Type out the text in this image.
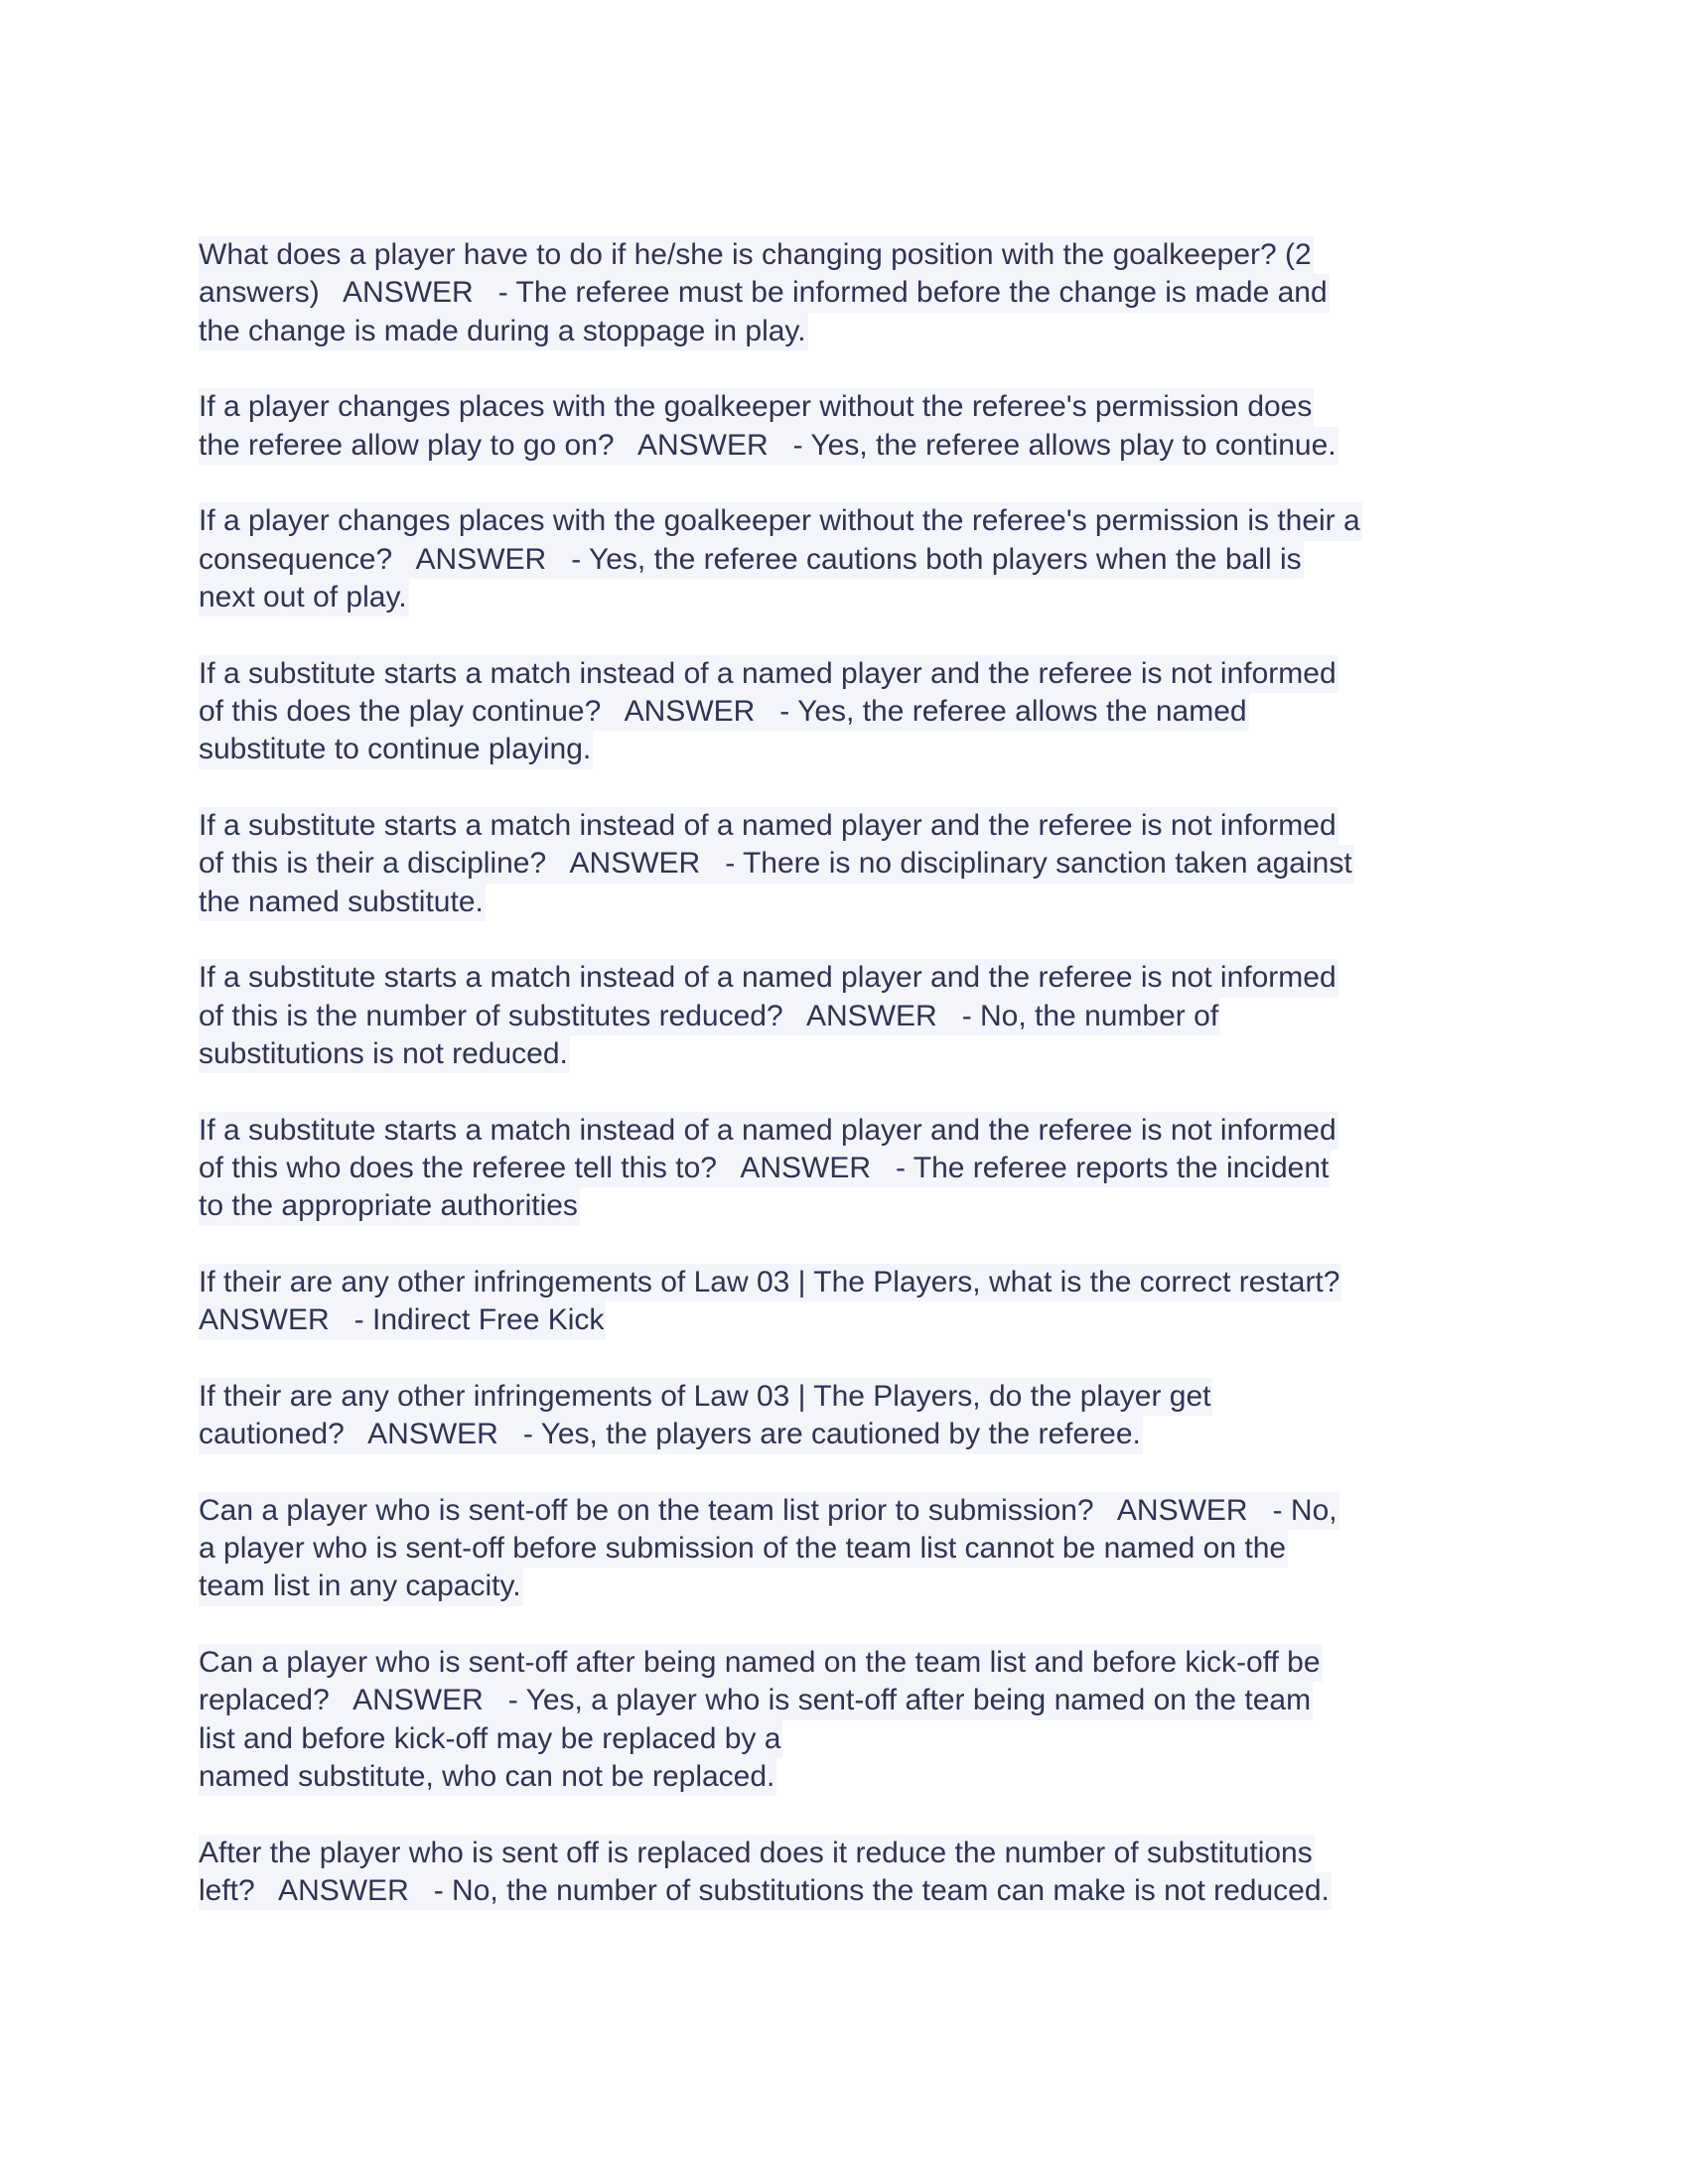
What does a player have to do if he/she is changing position with the goalkeeper? (2
answers)   ANSWER   - The referee must be informed before the change is made and
the change is made during a stoppage in play.
If a player changes places with the goalkeeper without the referee's permission does
the referee allow play to go on?   ANSWER   - Yes, the referee allows play to continue.
If a player changes places with the goalkeeper without the referee's permission is their a
consequence?   ANSWER   - Yes, the referee cautions both players when the ball is
next out of play.
If a substitute starts a match instead of a named player and the referee is not informed
of this does the play continue?   ANSWER   - Yes, the referee allows the named
substitute to continue playing.
If a substitute starts a match instead of a named player and the referee is not informed
of this is their a discipline?   ANSWER   - There is no disciplinary sanction taken against
the named substitute.
If a substitute starts a match instead of a named player and the referee is not informed
of this is the number of substitutes reduced?   ANSWER   - No, the number of
substitutions is not reduced.
If a substitute starts a match instead of a named player and the referee is not informed
of this who does the referee tell this to?   ANSWER   - The referee reports the incident
to the appropriate authorities
If their are any other infringements of Law 03 | The Players, what is the correct restart?
ANSWER   - Indirect Free Kick
If their are any other infringements of Law 03 | The Players, do the player get
cautioned?   ANSWER   - Yes, the players are cautioned by the referee.
Can a player who is sent-off be on the team list prior to submission?   ANSWER   - No,
a player who is sent-off before submission of the team list cannot be named on the
team list in any capacity.
Can a player who is sent-off after being named on the team list and before kick-off be
replaced?   ANSWER   - Yes, a player who is sent-off after being named on the team
list and before kick-off may be replaced by a
named substitute, who can not be replaced.
After the player who is sent off is replaced does it reduce the number of substitutions
left?   ANSWER   - No, the number of substitutions the team can make is not reduced.
